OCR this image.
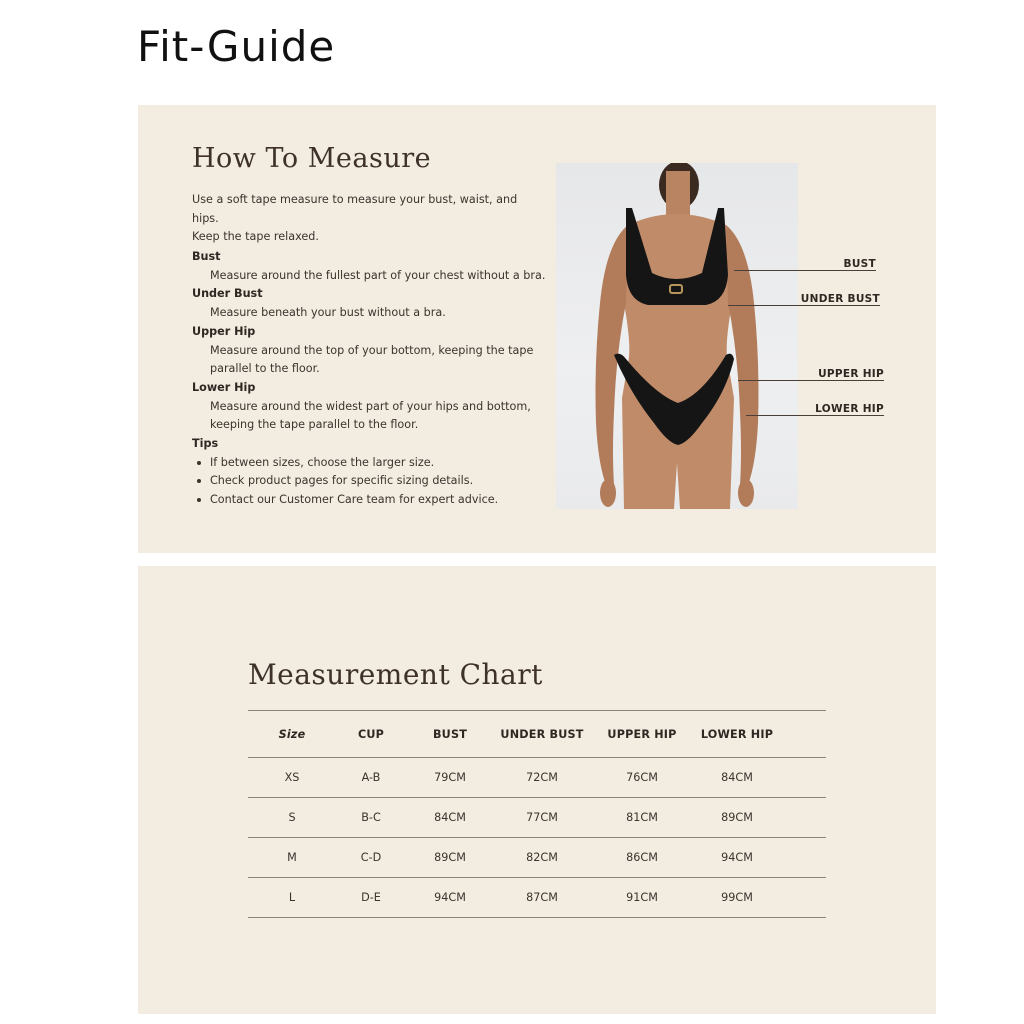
Fit-Guide
How To Measure
Use a soft tape measure to measure your bust, waist, and hips.
Keep the tape relaxed.
Bust
Measure around the fullest part of your chest without a bra.
Under Bust
Measure beneath your bust without a bra.
Upper Hip
Measure around the top of your bottom, keeping the tape
parallel to the floor.
Lower Hip
Measure around the widest part of your hips and bottom,
keeping the tape parallel to the floor.
Tips
If between sizes, choose the larger size.
Check product pages for specific sizing details.
Contact our Customer Care team for expert advice.
BUST
UNDER BUST
UPPER HIP
LOWER HIP
Measurement Chart
Size	CUP	BUST	UNDER BUST	UPPER HIP	LOWER HIP	
XS	A-B	79CM	72CM	76CM	84CM	
S	B-C	84CM	77CM	81CM	89CM	
M	C-D	89CM	82CM	86CM	94CM	
L	D-E	94CM	87CM	91CM	99CM	
